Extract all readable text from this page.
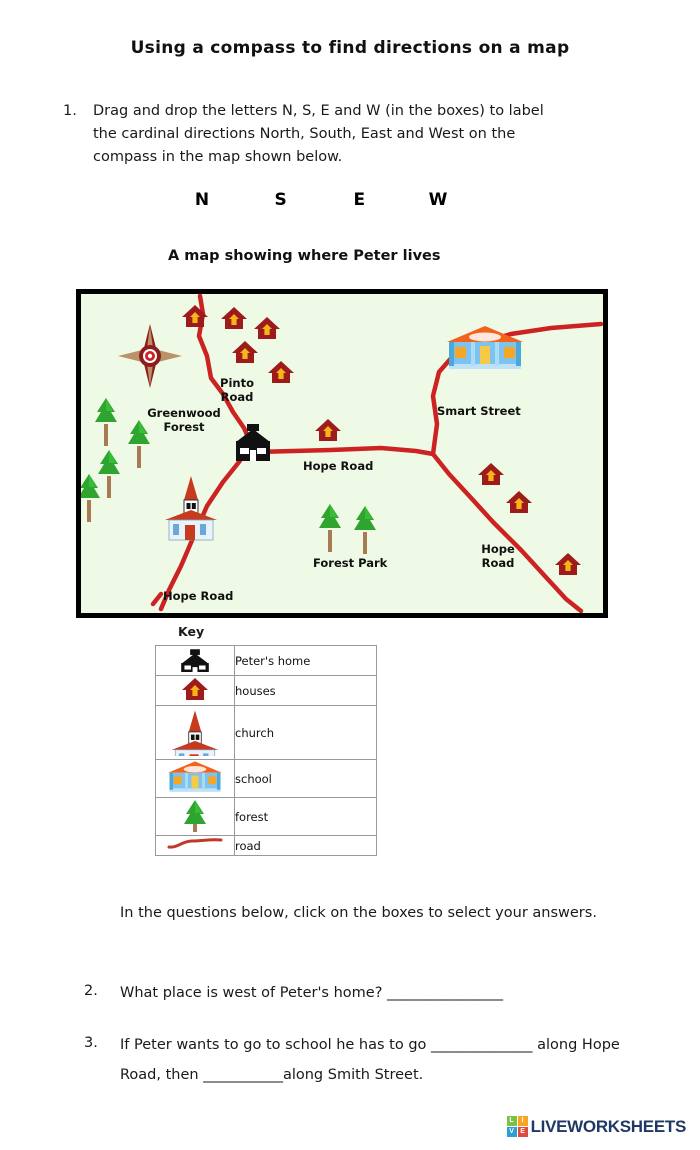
Using a compass to find directions on a map
1.	Drag and drop the letters N, S, E and W (in the boxes) to label the cardinal directions North, South, East and West on the compass in the map shown below.
N	S	E	W
A map showing where Peter lives
Pinto
Road
Greenwood
Forest
Smart Street
Hope Road
Forest Park
Hope
Road
Hope Road
Key
	Peter's home
	houses
	church
	school
	forest
	road
In the questions below, click on the boxes to select your answers.
2.	What place is west of Peter's home? ________________
3.	If Peter wants to go to school he has to go ______________ along Hope Road, then ___________along Smith Street.
L	I
V E LIVEWORKSHEETS
